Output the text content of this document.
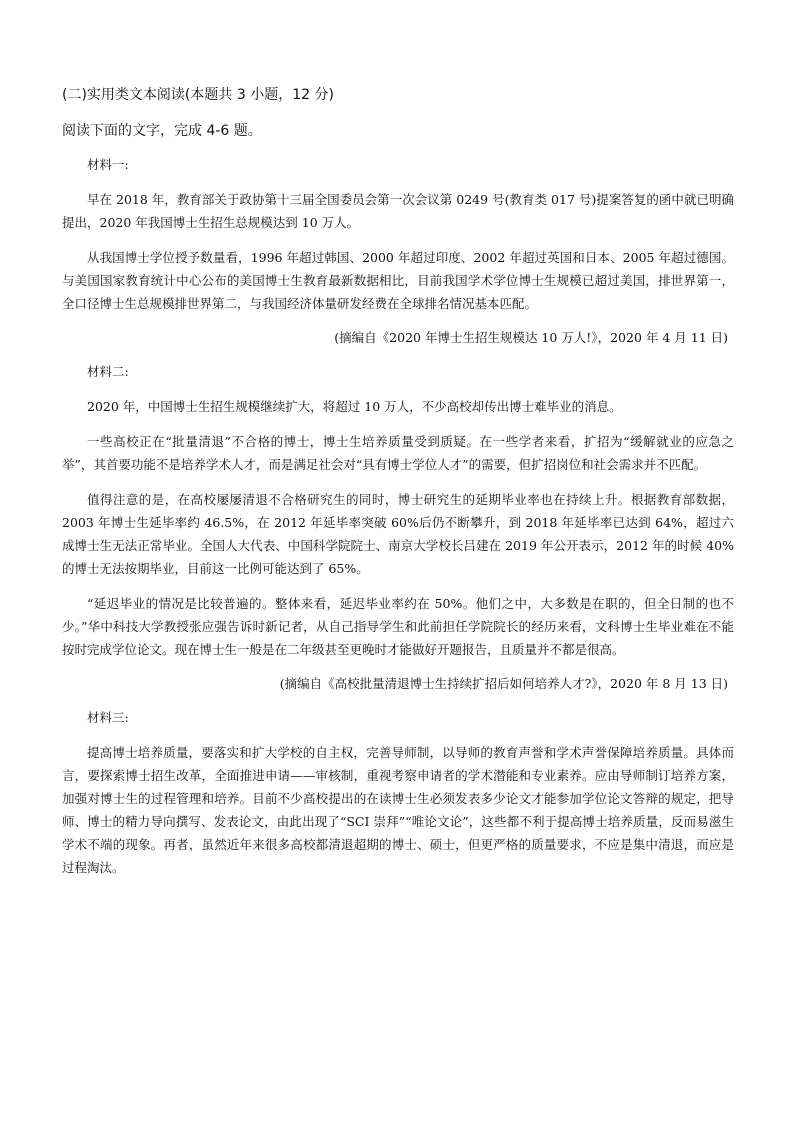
(二)实用类文本阅读(本题共 3 小题，12 分)
阅读下面的文字，完成 4-6 题。
材料一:

早在 2018 年，教育部关于政协第十三届全国委员会第一次会议第 0249 号(教育类 017 号)提案答复的函中就已明确提出，2020 年我国博士生招生总规模达到 10 万人。

从我国博士学位授予数量看，1996 年超过韩国、2000 年超过印度、2002 年超过英国和日本、2005 年超过德国。与美国国家教育统计中心公布的美国博士生教育最新数据相比，目前我国学术学位博士生规模已超过美国，排世界第一，全口径博士生总规模排世界第二，与我国经济体量研发经费在全球排名情况基本匹配。

(摘编自《2020 年博士生招生规模达 10 万人!》，2020 年 4 月 11 日)
材料二:

2020 年，中国博士生招生规模继续扩大，将超过 10 万人，不少高校却传出博士难毕业的消息。

一些高校正在“批量清退”不合格的博士，博士生培养质量受到质疑。在一些学者来看，扩招为“缓解就业的应急之举”，其首要功能不是培养学术人才，而是满足社会对“具有博士学位人才”的需要，但扩招岗位和社会需求并不匹配。

值得注意的是，在高校屡屡清退不合格研究生的同时，博士研究生的延期毕业率也在持续上升。根据教育部数据，2003 年博士生延毕率约 46.5%，在 2012 年延毕率突破 60%后仍不断攀升，到 2018 年延毕率已达到 64%，超过六成博士生无法正常毕业。全国人大代表、中国科学院院士、南京大学校长吕建在 2019 年公开表示，2012 年的时候 40%的博士无法按期毕业，目前这一比例可能达到了 65%。

“延迟毕业的情况是比较普遍的。整体来看，延迟毕业率约在 50%。他们之中，大多数是在职的，但全日制的也不少。”华中科技大学教授张应强告诉时新记者，从自己指导学生和此前担任学院院长的经历来看，文科博士生毕业难在不能按时完成学位论文。现在博士生一般是在二年级甚至更晚时才能做好开题报告，且质量并不都是很高。

(摘编自《高校批量清退博士生持续扩招后如何培养人才?》，2020 年 8 月 13 日)
材料三:

提高博士培养质量，要落实和扩大学校的自主权，完善导师制，以导师的教育声誉和学术声誉保障培养质量。具体而言，要探索博士招生改革，全面推进申请——审核制，重视考察申请者的学术潜能和专业素养。应由导师制订培养方案，加强对博士生的过程管理和培养。目前不少高校提出的在读博士生必须发表多少论文才能参加学位论文答辩的规定，把导师、博士的精力导向撰写、发表论文，由此出现了“SCI 崇拜”“唯论文论”，这些都不利于提高博士培养质量，反而易滋生学术不端的现象。再者，虽然近年来很多高校都清退超期的博士、硕士，但更严格的质量要求，不应是集中清退，而应是过程淘汰。
